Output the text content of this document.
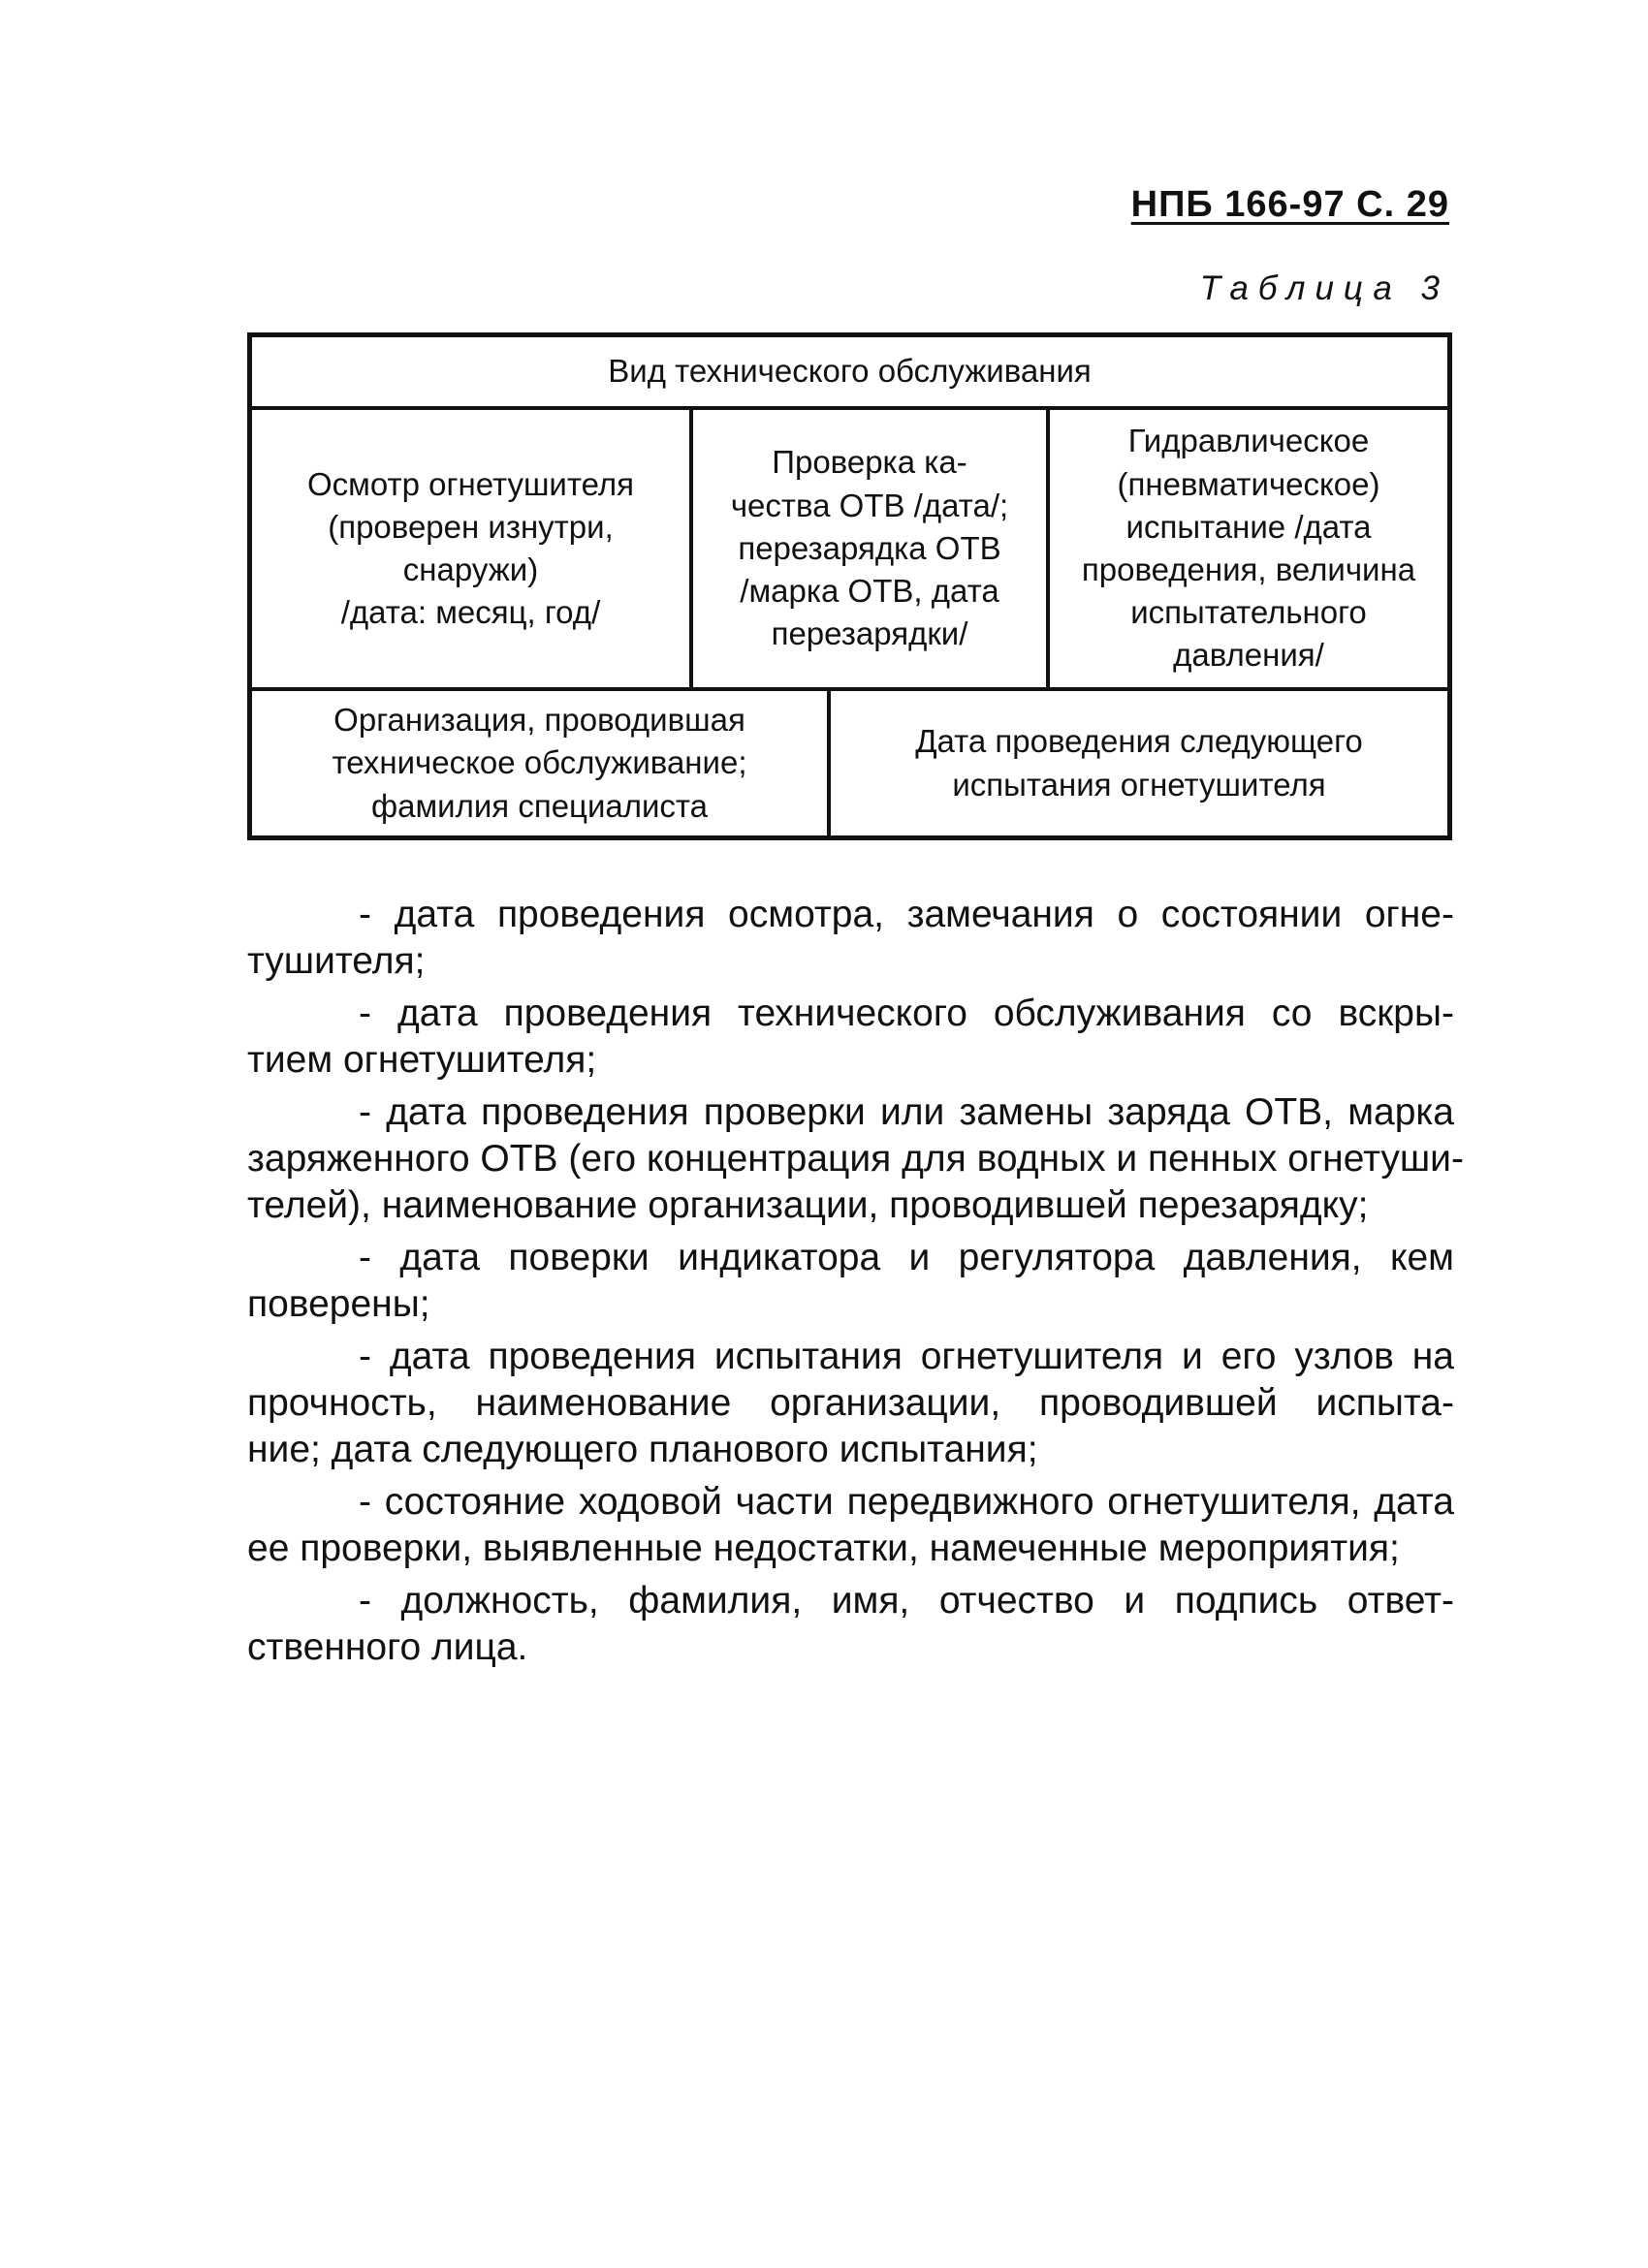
НПБ 166-97 С. 29
Таблица 3
Вид технического обслуживания
Осмотр огнетушителя
(проверен изнутри,
снаружи)
/дата: месяц, год/
Проверка ка-
чества ОТВ /дата/;
перезарядка ОТВ
/марка ОТВ, дата
перезарядки/
Гидравлическое
(пневматическое)
испытание /дата
проведения, величина
испытательного
давления/
Организация, проводившая
техническое обслуживание;
фамилия специалиста
Дата проведения следующего
испытания огнетушителя

- дата проведения осмотра, замечания о состоянии огне-
тушителя;

- дата проведения технического обслуживания со вскры-
тием огнетушителя;

- дата проведения проверки или замены заряда ОТВ, марка
заряженного ОТВ (его концентрация для водных и пенных огнетуши-
телей), наименование организации, проводившей перезарядку;

- дата поверки индикатора и регулятора давления, кем
поверены;

- дата проведения испытания огнетушителя и его узлов на
прочность, наименование организации, проводившей испыта-
ние; дата следующего планового испытания;

- состояние ходовой части передвижного огнетушителя, дата
ее проверки, выявленные недостатки, намеченные мероприятия;

- должность, фамилия, имя, отчество и подпись ответ-
ственного лица.
